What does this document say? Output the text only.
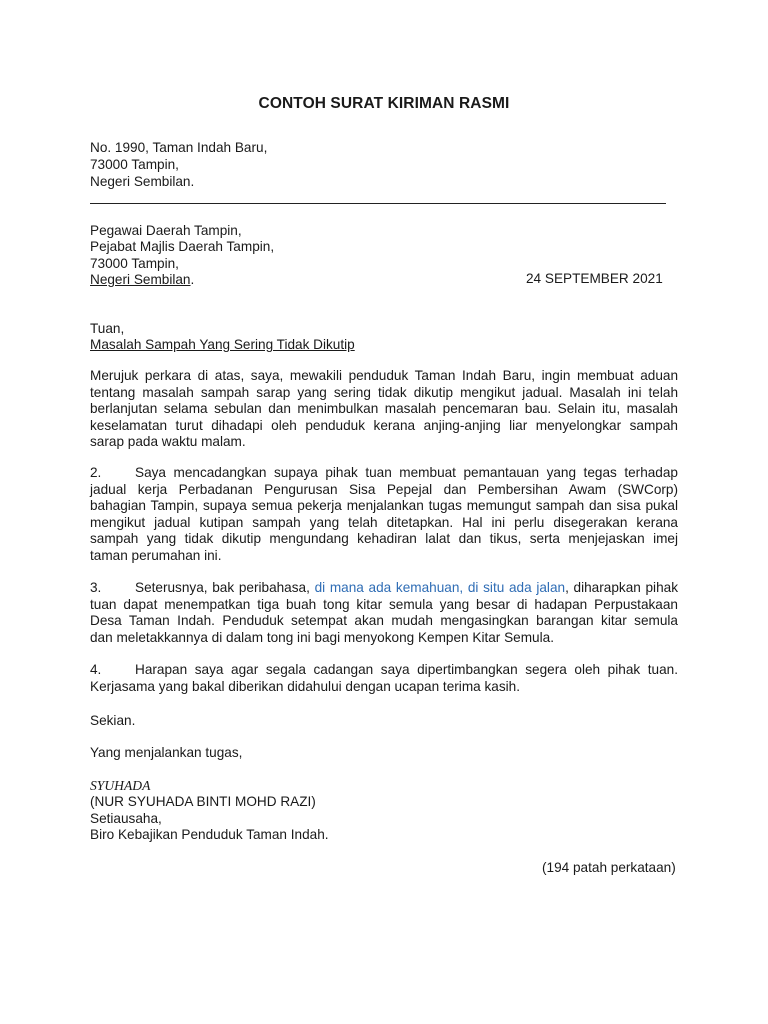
CONTOH SURAT KIRIMAN RASMI
No. 1990, Taman Indah Baru,
73000 Tampin,
Negeri Sembilan.
Pegawai Daerah Tampin,
Pejabat Majlis Daerah Tampin,
73000 Tampin,
Negeri Sembilan.	24 SEPTEMBER 2021
Tuan,
Masalah Sampah Yang Sering Tidak Dikutip
Merujuk perkara di atas, saya, mewakili penduduk Taman Indah Baru, ingin membuat aduan
tentang masalah sampah sarap yang sering tidak dikutip mengikut jadual. Masalah ini telah
berlanjutan selama sebulan dan menimbulkan masalah pencemaran bau. Selain itu, masalah
keselamatan turut dihadapi oleh penduduk kerana anjing-anjing liar menyelongkar sampah
sarap pada waktu malam.
2. Saya mencadangkan supaya pihak tuan membuat pemantauan yang tegas terhadap
jadual kerja Perbadanan Pengurusan Sisa Pepejal dan Pembersihan Awam (SWCorp)
bahagian Tampin, supaya semua pekerja menjalankan tugas memungut sampah dan sisa pukal
mengikut jadual kutipan sampah yang telah ditetapkan. Hal ini perlu disegerakan kerana
sampah yang tidak dikutip mengundang kehadiran lalat dan tikus, serta menjejaskan imej
taman perumahan ini.
3. Seterusnya, bak peribahasa, di mana ada kemahuan, di situ ada jalan, diharapkan pihak
tuan dapat menempatkan tiga buah tong kitar semula yang besar di hadapan Perpustakaan
Desa Taman Indah. Penduduk setempat akan mudah mengasingkan barangan kitar semula
dan meletakkannya di dalam tong ini bagi menyokong Kempen Kitar Semula.
4. Harapan saya agar segala cadangan saya dipertimbangkan segera oleh pihak tuan.
Kerjasama yang bakal diberikan didahului dengan ucapan terima kasih.
Sekian.
Yang menjalankan tugas,
SYUHADA
(NUR SYUHADA BINTI MOHD RAZI)
Setiausaha,
Biro Kebajikan Penduduk Taman Indah.
(194 patah perkataan)
